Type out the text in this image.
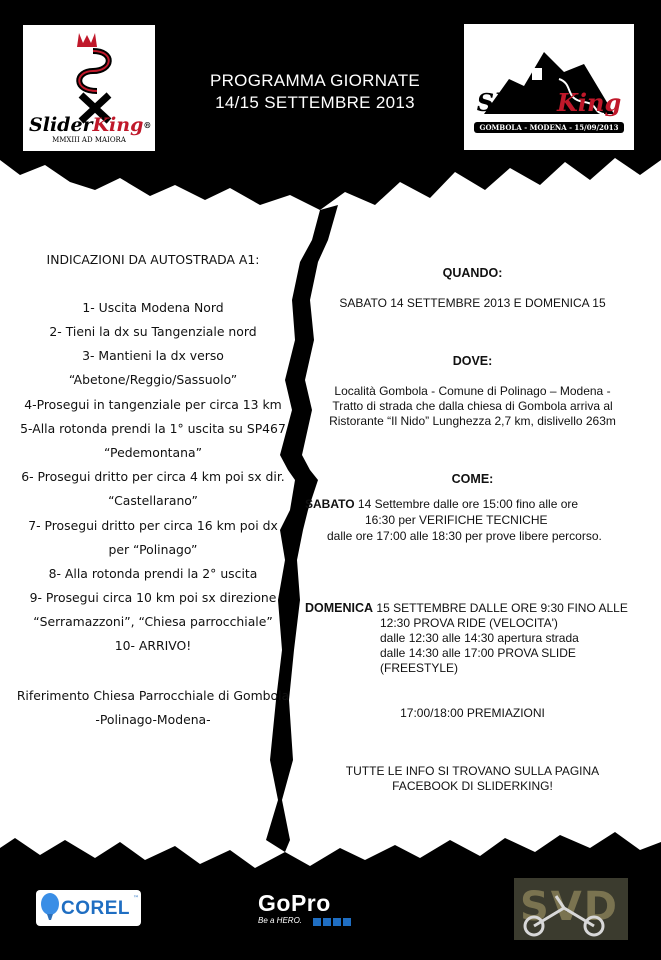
SliderKing®
MMXIII AD MAIORA
PROGRAMMA GIORNATE
14/15 SETTEMBRE 2013	SliderKing
GOMBOLA - MODENA - 15/09/2013
INDICAZIONI DA AUTOSTRADA A1:
1- Uscita Modena Nord
2- Tieni la dx su Tangenziale nord
3- Mantieni la dx verso
“Abetone/Reggio/Sassuolo”
4-Prosegui in tangenziale per circa 13 km
5-Alla rotonda prendi la 1° uscita su SP467
“Pedemontana”
6- Prosegui dritto per circa 4 km poi sx dir.
“Castellarano”
7- Prosegui dritto per circa 16 km poi dx
per “Polinago”
8- Alla rotonda prendi la 2° uscita
9- Prosegui circa 10 km poi sx direzione
“Serramazzoni”, “Chiesa parrocchiale”
10- ARRIVO!
Riferimento Chiesa Parrocchiale di Gombola
-Polinago-Modena-
QUANDO:
SABATO 14 SETTEMBRE 2013 E DOMENICA 15
DOVE:
Località Gombola - Comune di Polinago – Modena -
Tratto di strada che dalla chiesa di Gombola arriva al
Ristorante “Il Nido” Lunghezza 2,7 km, dislivello 263m
COME:
SABATO 14 Settembre dalle ore 15:00 fino alle ore
16:30 per VERIFICHE TECNICHE
dalle ore 17:00 alle 18:30 per prove libere percorso.
DOMENICA 15 SETTEMBRE DALLE ORE 9:30 FINO ALLE
12:30 PROVA RIDE (VELOCITA')
dalle 12:30 alle 14:30 apertura strada
dalle 14:30 alle 17:00 PROVA SLIDE
(FREESTYLE)
17:00/18:00 PREMIAZIONI
TUTTE LE INFO SI TROVANO SULLA PAGINA
FACEBOOK DI SLIDERKING!
COREL ™	GoPro
Be a HERO.	SVD
